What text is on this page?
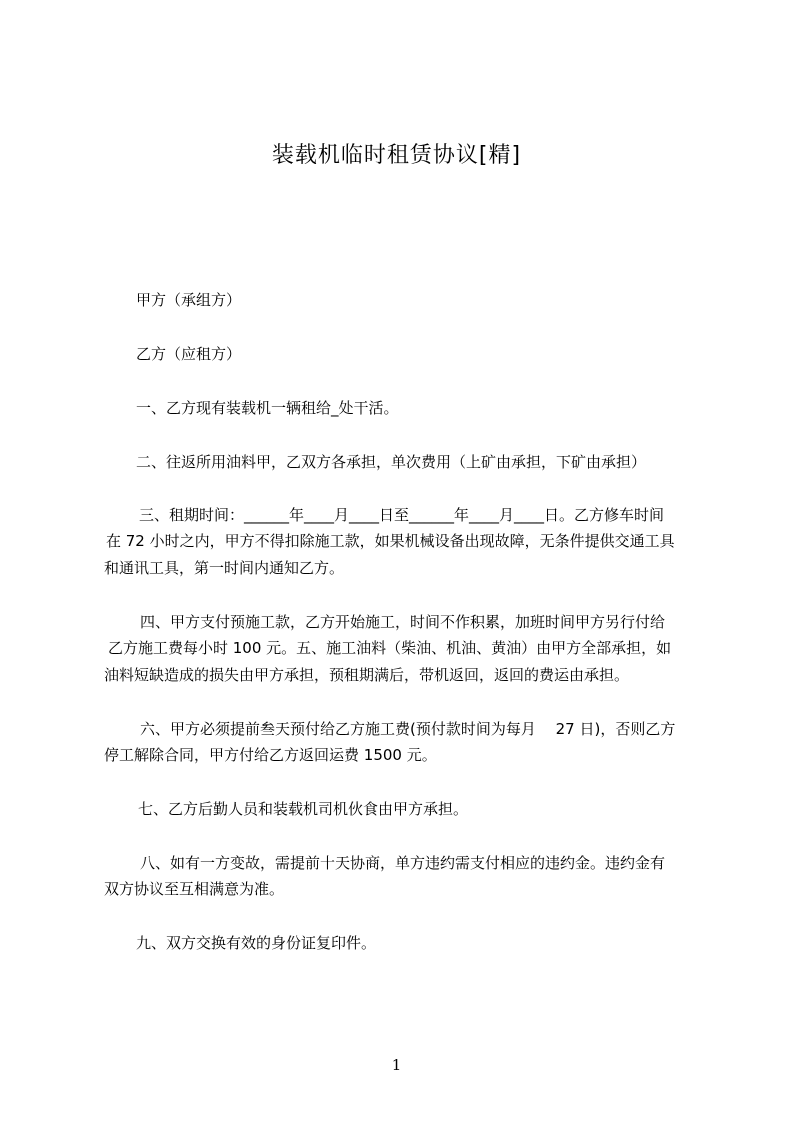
装载机临时租赁协议[精]
甲方（承组方）
乙方（应租方）
一、乙方现有装载机一辆租给_处干活。
二、往返所用油料甲，乙双方各承担，单次费用（上矿由承担，下矿由承担）
三、租期时间：______年____月____日至______年____月____日。乙方修车时间
在 72 小时之内，甲方不得扣除施工款，如果机械设备出现故障，无条件提供交通工具
和通讯工具，第一时间内通知乙方。
四、甲方支付预施工款，乙方开始施工，时间不作积累，加班时间甲方另行付给
乙方施工费每小时 100 元。五、施工油料（柴油、机油、黄油）由甲方全部承担，如
油料短缺造成的损失由甲方承担，预租期满后，带机返回，返回的费运由承担。
六、甲方必须提前叁天预付给乙方施工费(预付款时间为每月　 27 日)，否则乙方
停工解除合同，甲方付给乙方返回运费 1500 元。
七、乙方后勤人员和装载机司机伙食由甲方承担。
八、如有一方变故，需提前十天协商，单方违约需支付相应的违约金。违约金有
双方协议至互相满意为准。
九、双方交换有效的身份证复印件。
1
